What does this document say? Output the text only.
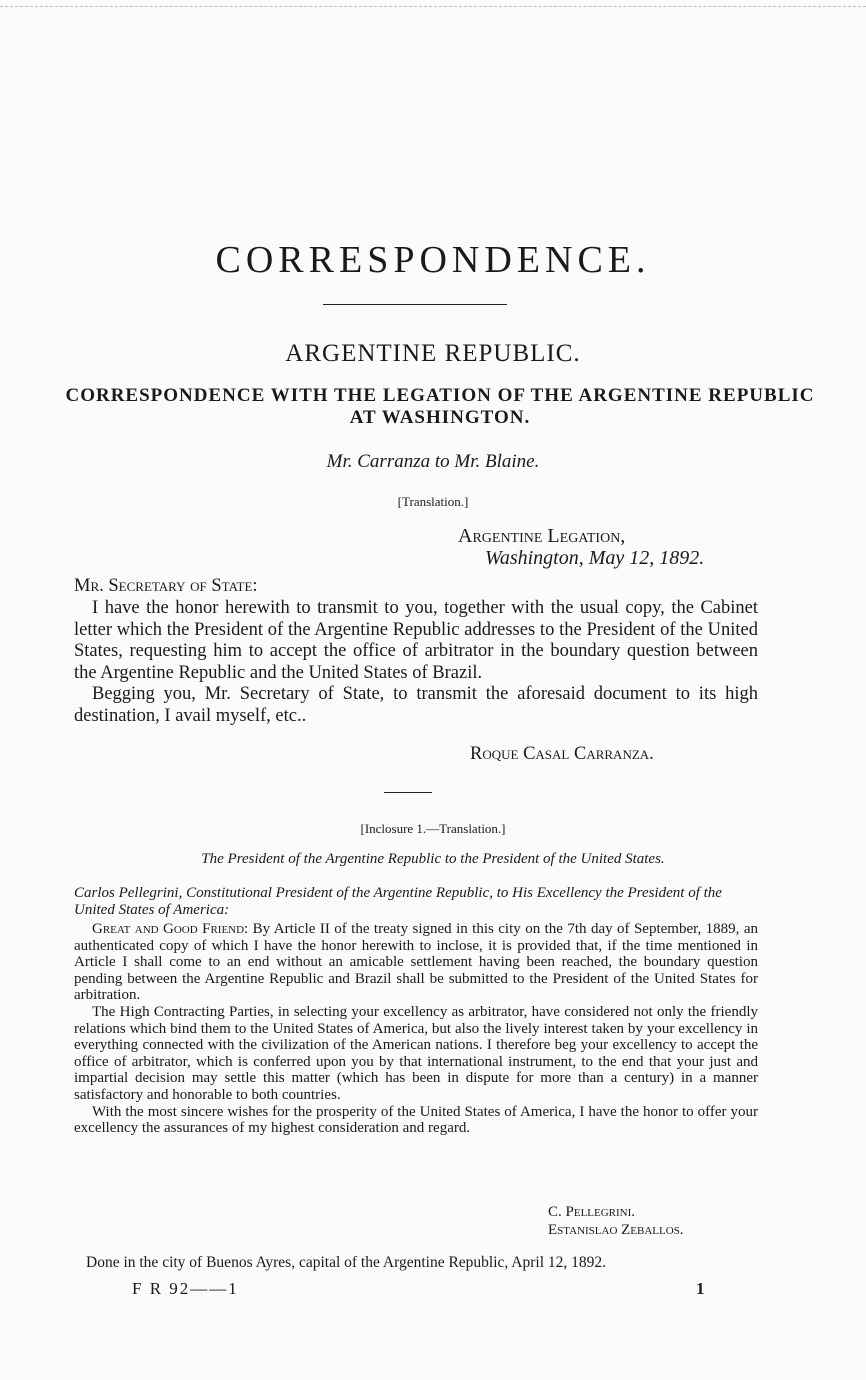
CORRESPONDENCE.
ARGENTINE REPUBLIC.
CORRESPONDENCE WITH THE LEGATION OF THE ARGENTINE REPUBLIC AT WASHINGTON.
Mr. Carranza to Mr. Blaine.
[Translation.]
Argentine Legation,
Washington, May 12, 1892.
Mr. Secretary of State:

I have the honor herewith to transmit to you, together with the usual copy, the Cabinet letter which the President of the Argentine Republic addresses to the President of the United States, requesting him to accept the office of arbitrator in the boundary question between the Argentine Republic and the United States of Brazil.

Begging you, Mr. Secretary of State, to transmit the aforesaid document to its high destination, I avail myself, etc..

Roque Casal Carranza.
[Inclosure 1.—Translation.]
The President of the Argentine Republic to the President of the United States.
Carlos Pellegrini, Constitutional President of the Argentine Republic, to His Excellency the President of the United States of America:

Great and Good Friend: By Article II of the treaty signed in this city on the 7th day of September, 1889, an authenticated copy of which I have the honor herewith to inclose, it is provided that, if the time mentioned in Article I shall come to an end without an amicable settlement having been reached, the boundary question pending between the Argentine Republic and Brazil shall be submitted to the President of the United States for arbitration.

The High Contracting Parties, in selecting your excellency as arbitrator, have considered not only the friendly relations which bind them to the United States of America, but also the lively interest taken by your excellency in everything connected with the civilization of the American nations. I therefore beg your excellency to accept the office of arbitrator, which is conferred upon you by that international instrument, to the end that your just and impartial decision may settle this matter (which has been in dispute for more than a century) in a manner satisfactory and honorable to both countries.

With the most sincere wishes for the prosperity of the United States of America, I have the honor to offer your excellency the assurances of my highest consideration and regard.

C. Pellegrini.
Estanislao Zeballos.
Done in the city of Buenos Ayres, capital of the Argentine Republic, April 12, 1892.
F R 92——1	1
